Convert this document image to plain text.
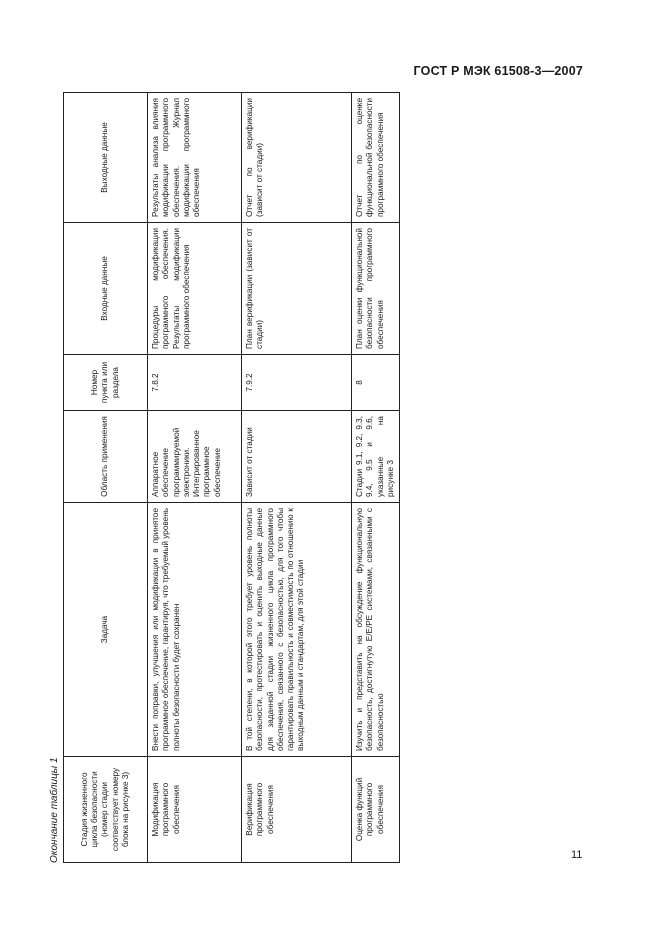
ГОСТ Р МЭК 61508-3—2007
Окончание таблицы 1 Стадия жизненного цикла безопасности (номер стадии соответствует номеру блока на рисунке 3)	Задача	Область применения	Номер пункта или раздела	Входные данные	Выходные данные
Модификация программного обеспечения	Внести поправки, улучшения или модификации в принятое программное обеспечение, гарантируя, что требуемый уровень полноты безопасности будет сохранен	Аппаратное обеспечение программируемой электроники. Интегрированное программное обеспечение	7.8.2	Процедуры модификации программного обеспечения. Результаты модификации программного обеспечения	Результаты анализа влияния модификации программного обеспечения. Журнал модификации программного обеспечения
Верификация программного обеспечения	В той степени, в которой этого требует уровень полноты безопасности, протестировать и оценить выходные данные для заданной стадии жизненного цикла программного обеспечения, связанного с безопасностью, для того чтобы гарантировать правильность и совместимость по отношению к выходным данным и стандартам, для этой стадии	Зависит от стадии	7.9.2	План верификации (зависит от стадии)	Отчет по верификации (зависит от стадии)
Оценка функций программного обеспечения	Изучить и представить на обсуждение функциональную безопасность, достигнутую E/E/PE системами, связанными с безопасностью	Стадии 9.1, 9.2, 9.3, 9.4, 9.5 и 9.6, указанные на рисунке 3	8	План оценки функциональной безопасности программного обеспечения	Отчет по оценке функциональной безопасности программного обеспечения
11
